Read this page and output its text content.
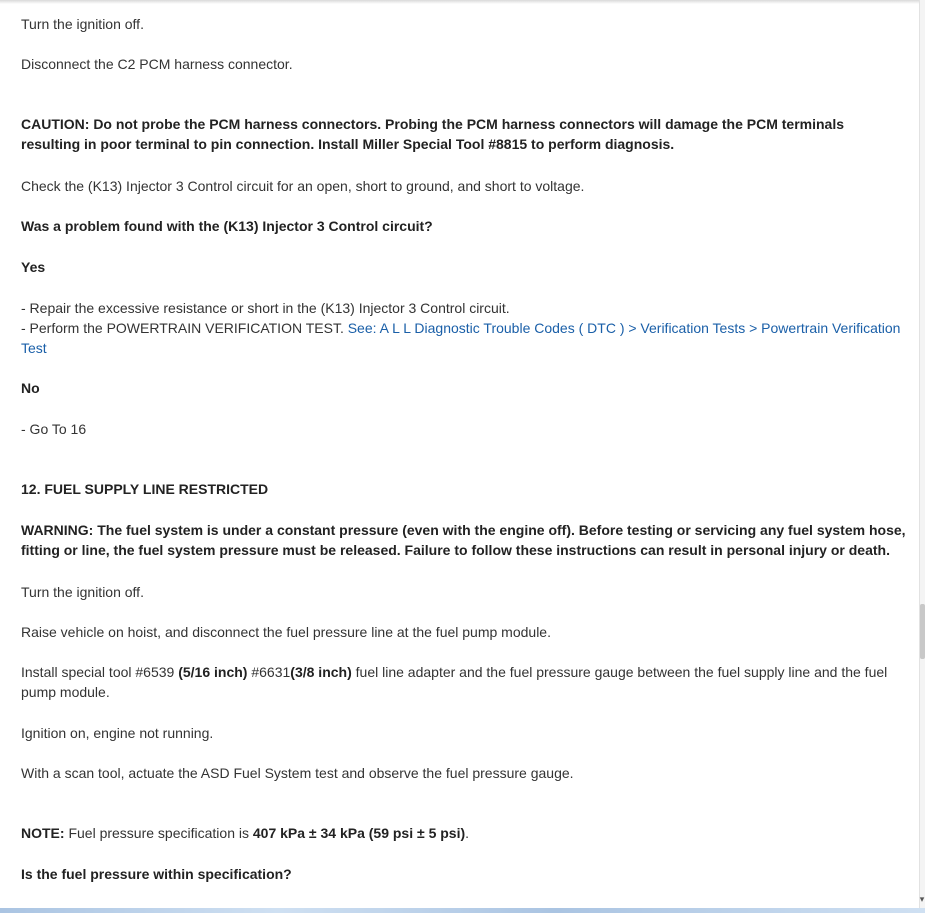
Turn the ignition off.
Disconnect the C2 PCM harness connector.
CAUTION: Do not probe the PCM harness connectors. Probing the PCM harness connectors will damage the PCM terminals resulting in poor terminal to pin connection. Install Miller Special Tool #8815 to perform diagnosis.
Check the (K13) Injector 3 Control circuit for an open, short to ground, and short to voltage.
Was a problem found with the (K13) Injector 3 Control circuit?
Yes
- Repair the excessive resistance or short in the (K13) Injector 3 Control circuit.
- Perform the POWERTRAIN VERIFICATION TEST. See: A L L Diagnostic Trouble Codes ( DTC ) > Verification Tests > Powertrain Verification Test
No
- Go To 16
12. FUEL SUPPLY LINE RESTRICTED
WARNING: The fuel system is under a constant pressure (even with the engine off). Before testing or servicing any fuel system hose, fitting or line, the fuel system pressure must be released. Failure to follow these instructions can result in personal injury or death.
Turn the ignition off.
Raise vehicle on hoist, and disconnect the fuel pressure line at the fuel pump module.
Install special tool #6539 (5/16 inch) #6631(3/8 inch) fuel line adapter and the fuel pressure gauge between the fuel supply line and the fuel pump module.
Ignition on, engine not running.
With a scan tool, actuate the ASD Fuel System test and observe the fuel pressure gauge.
NOTE: Fuel pressure specification is 407 kPa ± 34 kPa (59 psi ± 5 psi).
Is the fuel pressure within specification?
▾
